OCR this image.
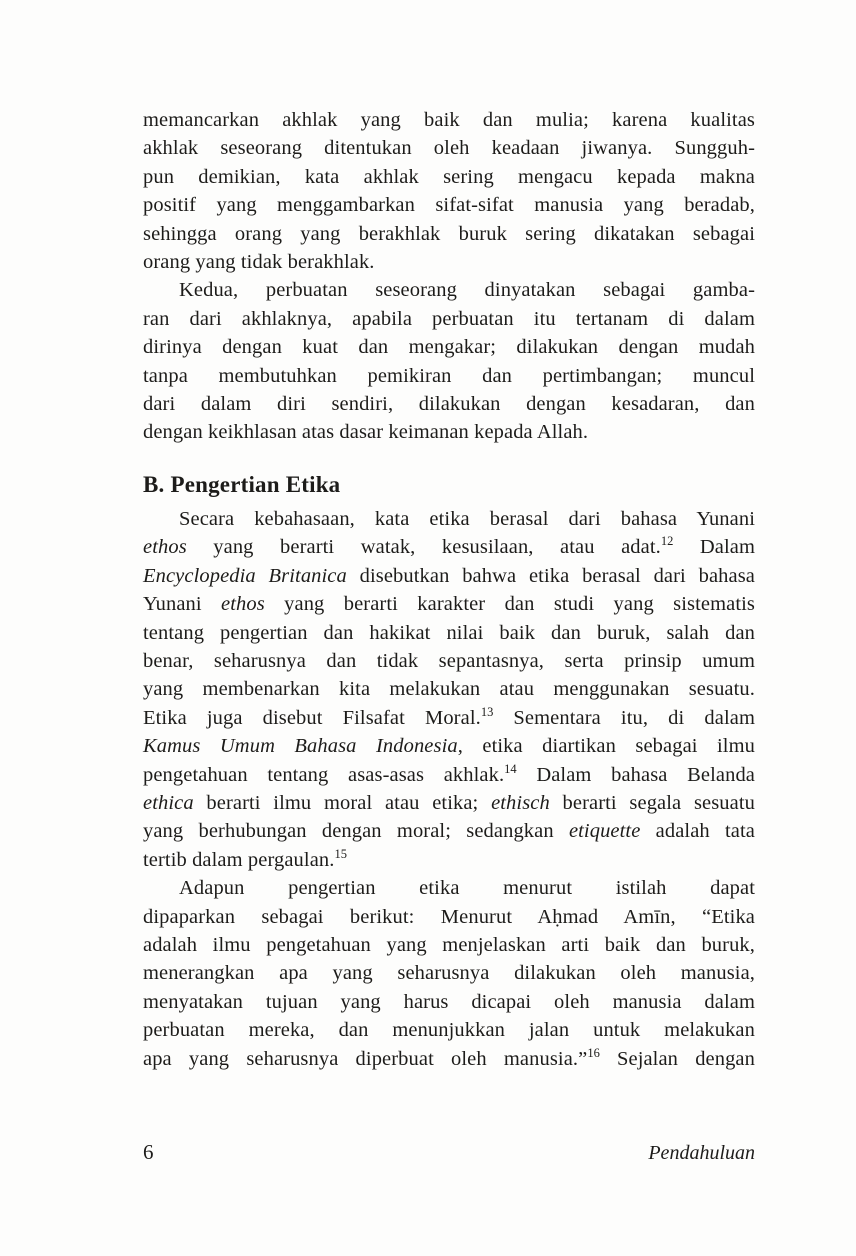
memancarkan akhlak yang baik dan mulia; karena kualitas
akhlak seseorang ditentukan oleh keadaan jiwanya. Sungguh-
pun demikian, kata akhlak sering mengacu kepada makna
positif yang menggambarkan sifat-sifat manusia yang beradab,
sehingga orang yang berakhlak buruk sering dikatakan sebagai
orang yang tidak berakhlak.
Kedua, perbuatan seseorang dinyatakan sebagai gamba-
ran dari akhlaknya, apabila perbuatan itu tertanam di dalam
dirinya dengan kuat dan mengakar; dilakukan dengan mudah
tanpa membutuhkan pemikiran dan pertimbangan; muncul
dari dalam diri sendiri, dilakukan dengan kesadaran, dan
dengan keikhlasan atas dasar keimanan kepada Allah.
B. Pengertian Etika
Secara kebahasaan, kata etika berasal dari bahasa Yunani
ethos yang berarti watak, kesusilaan, atau adat.$^{12}$ Dalam
Encyclopedia Britanica disebutkan bahwa etika berasal dari bahasa
Yunani ethos yang berarti karakter dan studi yang sistematis
tentang pengertian dan hakikat nilai baik dan buruk, salah dan
benar, seharusnya dan tidak sepantasnya, serta prinsip umum
yang membenarkan kita melakukan atau menggunakan sesuatu.
Etika juga disebut Filsafat Moral.$^{13}$ Sementara itu, di dalam
Kamus Umum Bahasa Indonesia, etika diartikan sebagai ilmu
pengetahuan tentang asas-asas akhlak.$^{14}$ Dalam bahasa Belanda
ethica berarti ilmu moral atau etika; ethisch berarti segala sesuatu
yang berhubungan dengan moral; sedangkan etiquette adalah tata
tertib dalam pergaulan.$^{15}$
Adapun pengertian etika menurut istilah dapat
dipaparkan sebagai berikut: Menurut Aḥmad Amīn, “Etika
adalah ilmu pengetahuan yang menjelaskan arti baik dan buruk,
menerangkan apa yang seharusnya dilakukan oleh manusia,
menyatakan tujuan yang harus dicapai oleh manusia dalam
perbuatan mereka, dan menunjukkan jalan untuk melakukan
apa yang seharusnya diperbuat oleh manusia.”$^{16}$ Sejalan dengan
6	Pendahuluan
